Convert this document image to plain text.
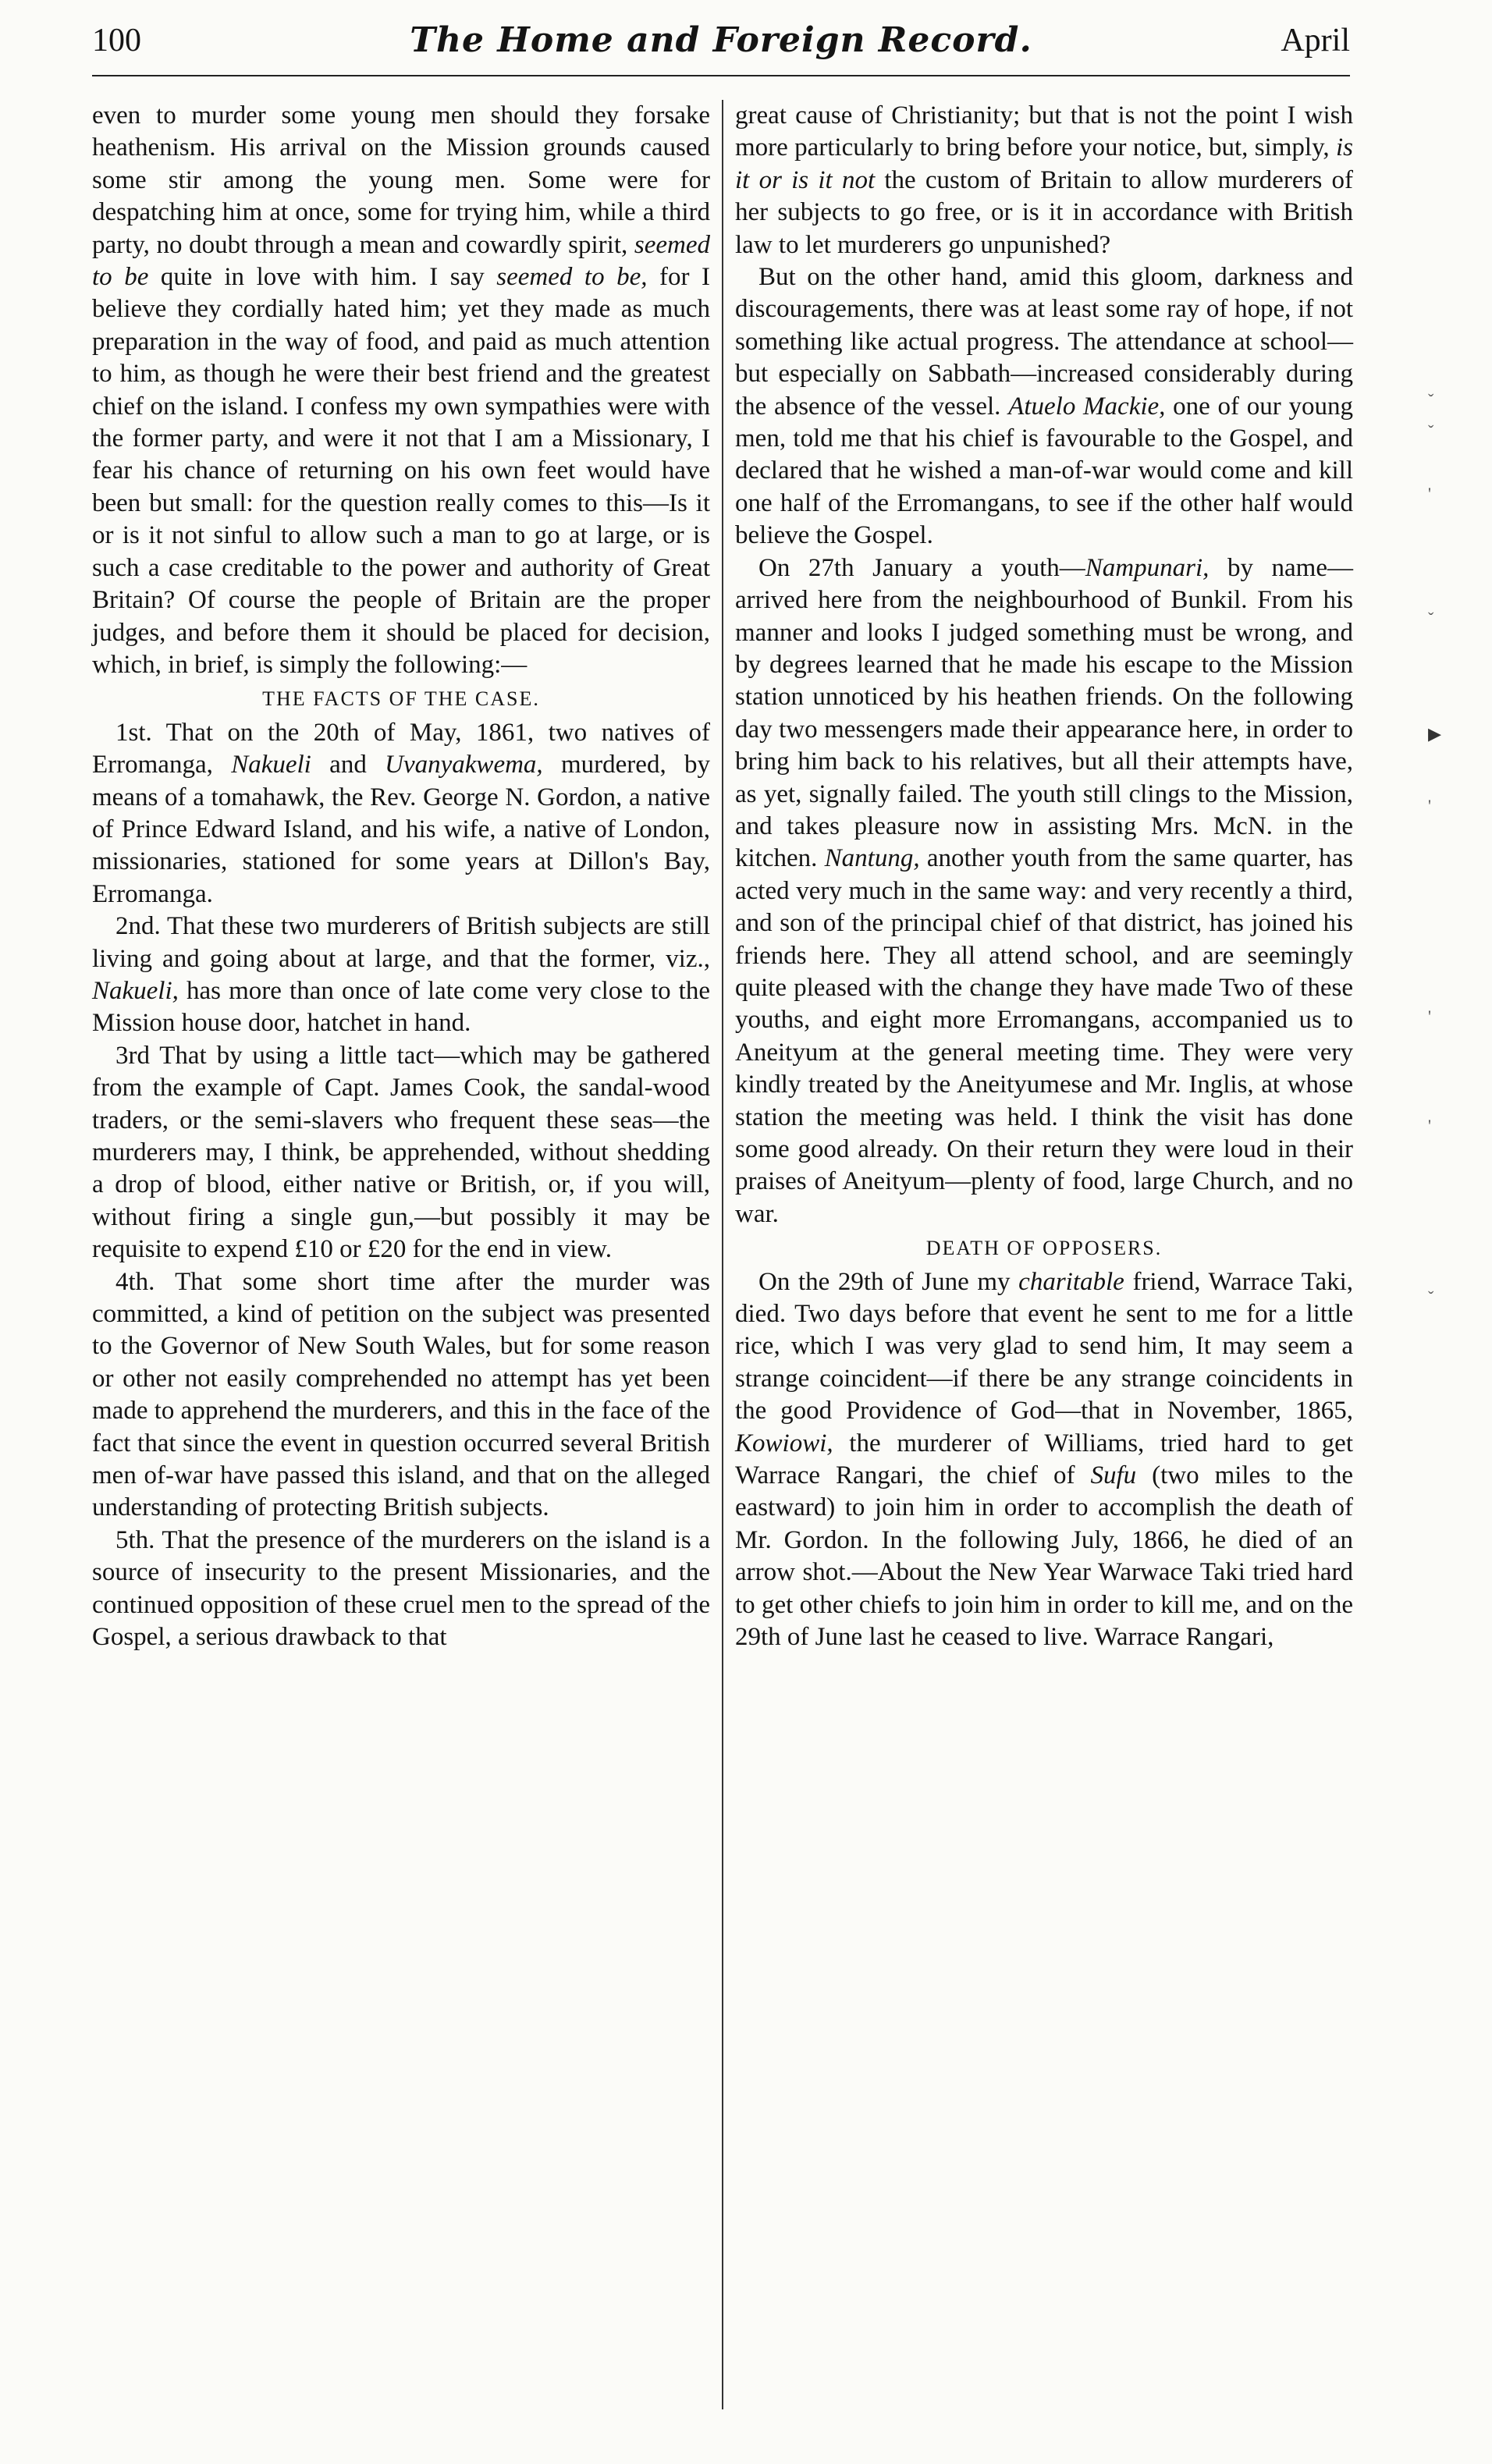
100	The Home and Foreign Record.	April

even to murder some young men should they forsake heathenism. His arrival on the Mission grounds caused some stir among the young men. Some were for despatching him at once, some for trying him, while a third party, no doubt through a mean and cowardly spirit, seemed to be quite in love with him. I say seemed to be, for I believe they cordially hated him; yet they made as much preparation in the way of food, and paid as much attention to him, as though he were their best friend and the greatest chief on the island. I confess my own sympathies were with the former party, and were it not that I am a Missionary, I fear his chance of returning on his own feet would have been but small: for the question really comes to this—Is it or is it not sinful to allow such a man to go at large, or is such a case creditable to the power and authority of Great Britain? Of course the people of Britain are the proper judges, and before them it should be placed for decision, which, in brief, is simply the following:—

THE FACTS OF THE CASE.

1st. That on the 20th of May, 1861, two natives of Erromanga, Nakueli and Uvanyakwema, murdered, by means of a tomahawk, the Rev. George N. Gordon, a native of Prince Edward Island, and his wife, a native of London, missionaries, stationed for some years at Dillon's Bay, Erromanga.

2nd. That these two murderers of British subjects are still living and going about at large, and that the former, viz., Nakueli, has more than once of late come very close to the Mission house door, hatchet in hand.

3rd That by using a little tact—which may be gathered from the example of Capt. James Cook, the sandal-wood traders, or the semi-slavers who frequent these seas—the murderers may, I think, be apprehended, without shedding a drop of blood, either native or British, or, if you will, without firing a single gun,—but possibly it may be requisite to expend £10 or £20 for the end in view.

4th. That some short time after the murder was committed, a kind of petition on the subject was presented to the Governor of New South Wales, but for some reason or other not easily comprehended no attempt has yet been made to apprehend the murderers, and this in the face of the fact that since the event in question occurred several British men of-war have passed this island, and that on the alleged understanding of protecting British subjects.

5th. That the presence of the murderers on the island is a source of insecurity to the present Missionaries, and the continued opposition of these cruel men to the spread of the Gospel, a serious drawback to that

great cause of Christianity; but that is not the point I wish more particularly to bring before your notice, but, simply, is it or is it not the custom of Britain to allow murderers of her subjects to go free, or is it in accordance with British law to let murderers go unpunished?

But on the other hand, amid this gloom, darkness and discouragements, there was at least some ray of hope, if not something like actual progress. The attendance at school—but especially on Sabbath—increased considerably during the absence of the vessel. Atuelo Mackie, one of our young men, told me that his chief is favourable to the Gospel, and declared that he wished a man-of-war would come and kill one half of the Erromangans, to see if the other half would believe the Gospel.

On 27th January a youth—Nampunari, by name—arrived here from the neighbourhood of Bunkil. From his manner and looks I judged something must be wrong, and by degrees learned that he made his escape to the Mission station unnoticed by his heathen friends. On the following day two messengers made their appearance here, in order to bring him back to his relatives, but all their attempts have, as yet, signally failed. The youth still clings to the Mission, and takes pleasure now in assisting Mrs. McN. in the kitchen. Nantung, another youth from the same quarter, has acted very much in the same way: and very recently a third, and son of the principal chief of that district, has joined his friends here. They all attend school, and are seemingly quite pleased with the change they have made Two of these youths, and eight more Erromangans, accompanied us to Aneityum at the general meeting time. They were very kindly treated by the Aneityumese and Mr. Inglis, at whose station the meeting was held. I think the visit has done some good already. On their return they were loud in their praises of Aneityum—plenty of food, large Church, and no war.

DEATH OF OPPOSERS.

On the 29th of June my charitable friend, Warrace Taki, died. Two days before that event he sent to me for a little rice, which I was very glad to send him, It may seem a strange coincident—if there be any strange coincidents in the good Providence of God—that in November, 1865, Kowiowi, the murderer of Williams, tried hard to get Warrace Rangari, the chief of Sufu (two miles to the eastward) to join him in order to accomplish the death of Mr. Gordon. In the following July, 1866, he died of an arrow shot.—About the New Year Warwace Taki tried hard to get other chiefs to join him in order to kill me, and on the 29th of June last he ceased to live. Warrace Rangari,

ˇ
ˇ
'
ˇ
▸
'
'
'
ˇ
